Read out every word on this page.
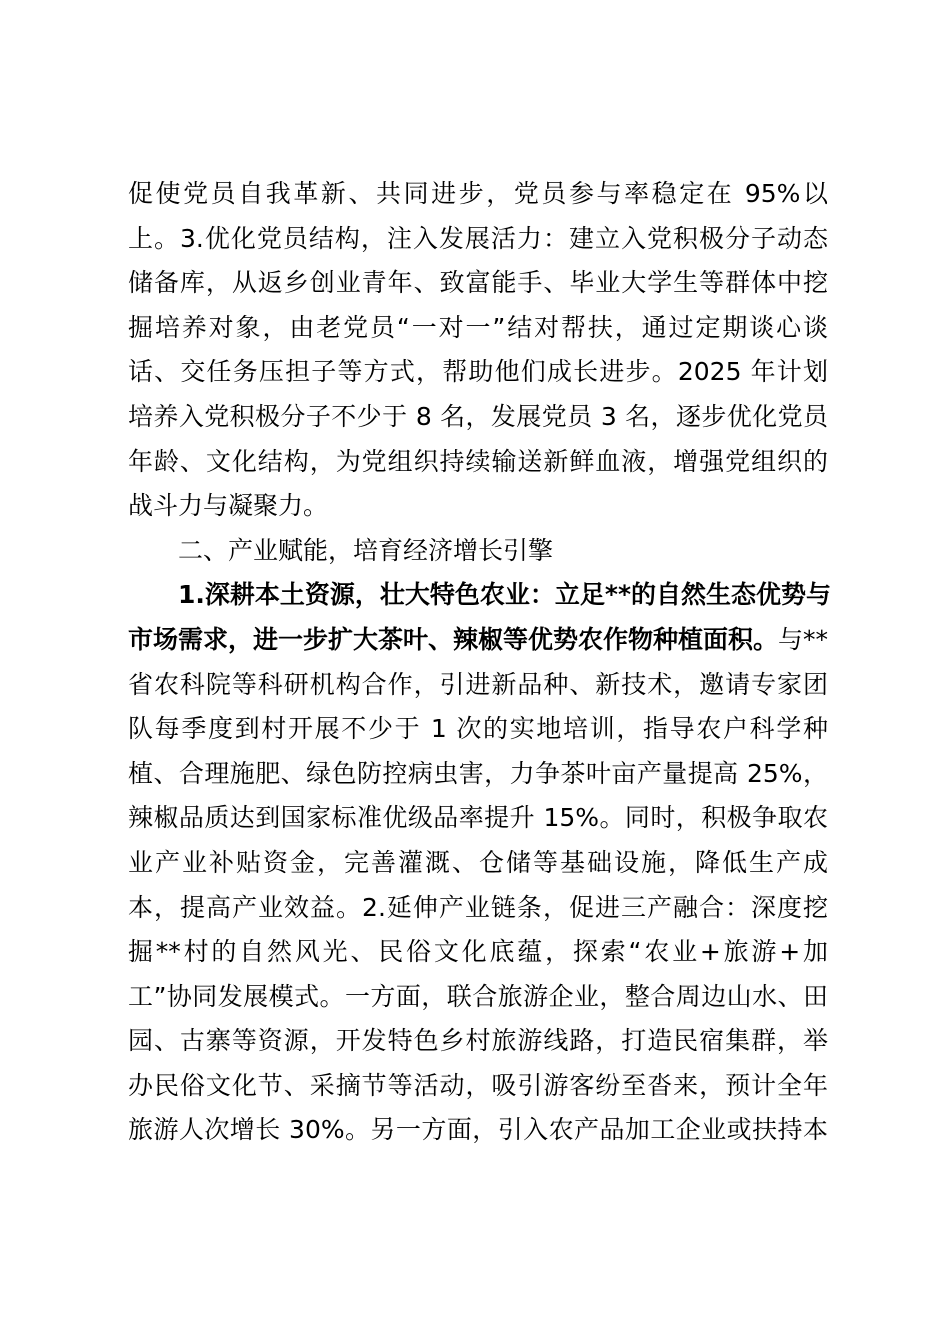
促使党员自我革新、共同进步，党员参与率稳定在 95%以
上。3.优化党员结构，注入发展活力：建立入党积极分子动态
储备库，从返乡创业青年、致富能手、毕业大学生等群体中挖
掘培养对象，由老党员“一对一”结对帮扶，通过定期谈心谈
话、交任务压担子等方式，帮助他们成长进步。2025 年计划
培养入党积极分子不少于 8 名，发展党员 3 名，逐步优化党员
年龄、文化结构，为党组织持续输送新鲜血液，增强党组织的
战斗力与凝聚力。
二、产业赋能，培育经济增长引擎
1.深耕本土资源，壮大特色农业：立足**的自然生态优势与
市场需求，进一步扩大茶叶、辣椒等优势农作物种植面积。与**
省农科院等科研机构合作，引进新品种、新技术，邀请专家团
队每季度到村开展不少于 1 次的实地培训，指导农户科学种
植、合理施肥、绿色防控病虫害，力争茶叶亩产量提高 25%，
辣椒品质达到国家标准优级品率提升 15%。同时，积极争取农
业产业补贴资金，完善灌溉、仓储等基础设施，降低生产成
本，提高产业效益。2.延伸产业链条，促进三产融合：深度挖
掘**村的自然风光、民俗文化底蕴，探索“农业+旅游+加
工”协同发展模式。一方面，联合旅游企业，整合周边山水、田
园、古寨等资源，开发特色乡村旅游线路，打造民宿集群，举
办民俗文化节、采摘节等活动，吸引游客纷至沓来，预计全年
旅游人次增长 30%。另一方面，引入农产品加工企业或扶持本
